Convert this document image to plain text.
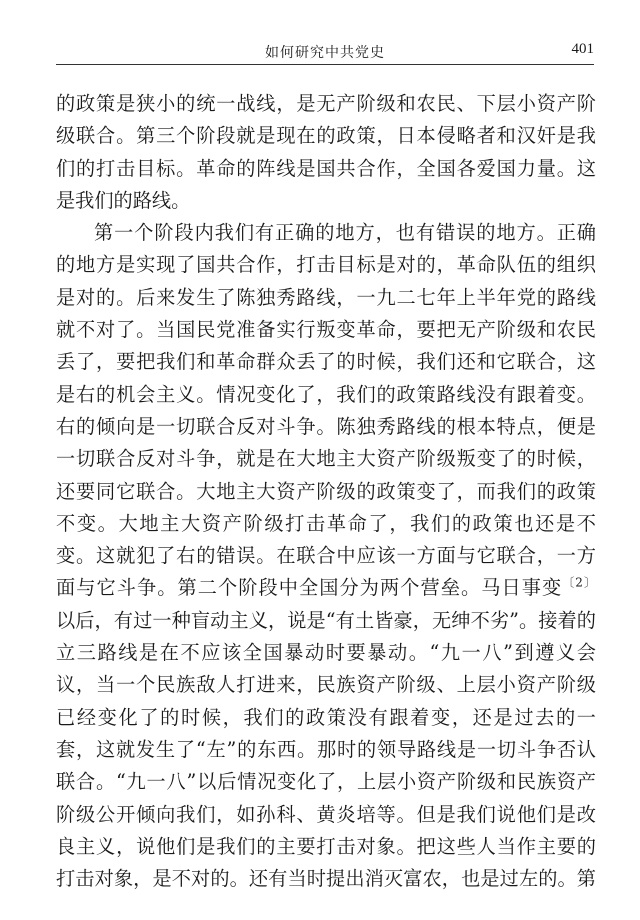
如何研究中共党史	401
的政策是狭小的统一战线，是无产阶级和农民、下层小资产阶
级联合。第三个阶段就是现在的政策，日本侵略者和汉奸是我
们的打击目标。革命的阵线是国共合作，全国各爱国力量。这
是我们的路线。
第一个阶段内我们有正确的地方，也有错误的地方。正确
的地方是实现了国共合作，打击目标是对的，革命队伍的组织
是对的。后来发生了陈独秀路线，一九二七年上半年党的路线
就不对了。当国民党准备实行叛变革命，要把无产阶级和农民
丢了，要把我们和革命群众丢了的时候，我们还和它联合，这
是右的机会主义。情况变化了，我们的政策路线没有跟着变。
右的倾向是一切联合反对斗争。陈独秀路线的根本特点，便是
一切联合反对斗争，就是在大地主大资产阶级叛变了的时候，
还要同它联合。大地主大资产阶级的政策变了，而我们的政策
不变。大地主大资产阶级打击革命了，我们的政策也还是不
变。这就犯了右的错误。在联合中应该一方面与它联合，一方
面与它斗争。第二个阶段中全国分为两个营垒。马日事变$^{〔2〕}$
以后，有过一种盲动主义，说是“有土皆豪，无绅不劣”。接着的
立三路线是在不应该全国暴动时要暴动。“九一八”到遵义会
议，当一个民族敌人打进来，民族资产阶级、上层小资产阶级
已经变化了的时候，我们的政策没有跟着变，还是过去的一
套，这就发生了“左”的东西。那时的领导路线是一切斗争否认
联合。“九一八”以后情况变化了，上层小资产阶级和民族资产
阶级公开倾向我们，如孙科、黄炎培等。但是我们说他们是改
良主义，说他们是我们的主要打击对象。把这些人当作主要的
打击对象，是不对的。还有当时提出消灭富农，也是过左的。第
